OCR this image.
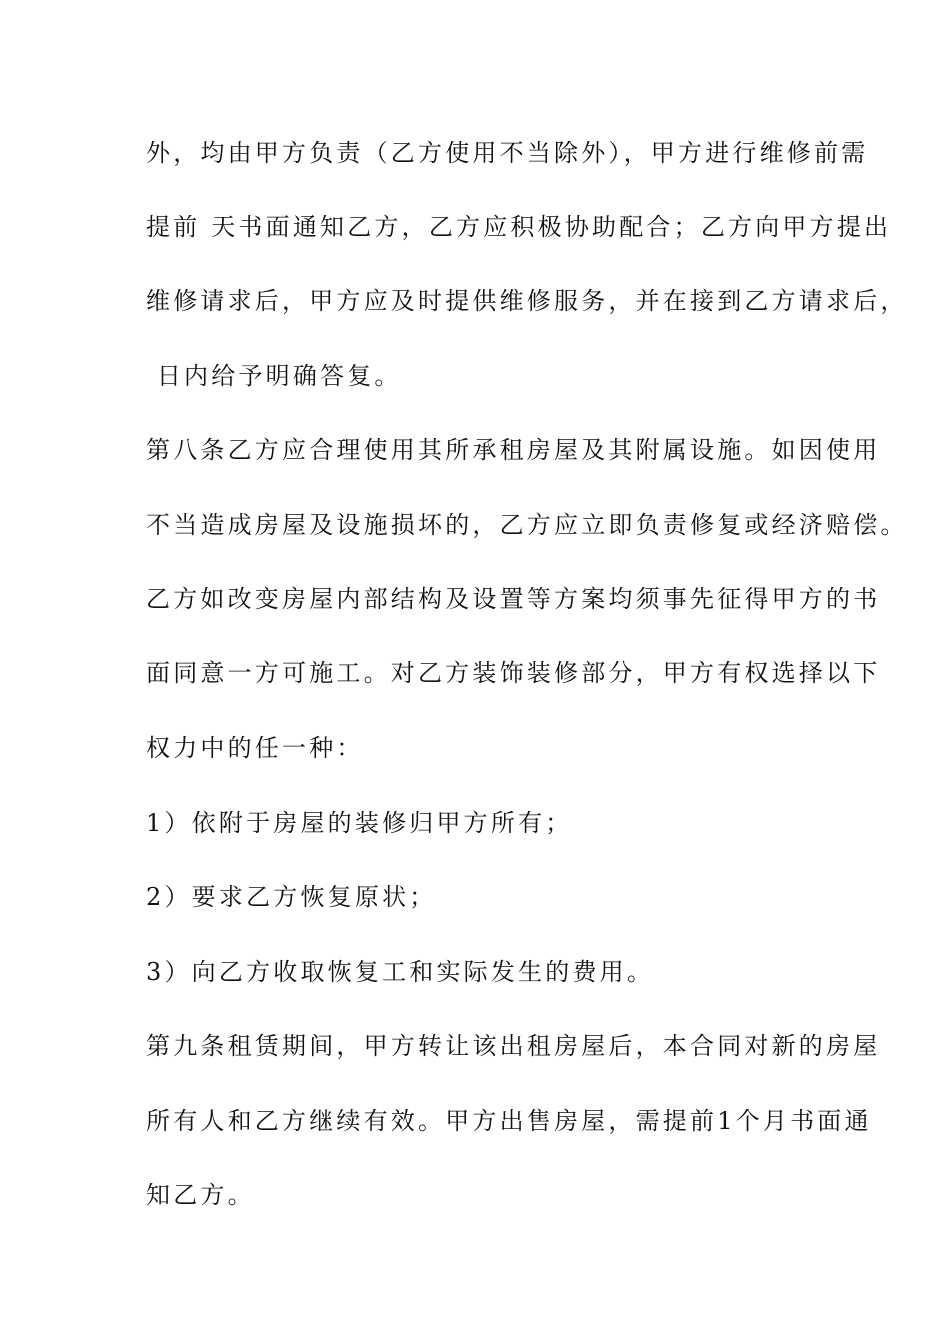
外，均由甲方负责（乙方使用不当除外），甲方进行维修前需
提前 天书面通知乙方，乙方应积极协助配合；乙方向甲方提出
维修请求后，甲方应及时提供维修服务，并在接到乙方请求后，
日内给予明确答复。
第八条乙方应合理使用其所承租房屋及其附属设施。如因使用
不当造成房屋及设施损坏的，乙方应立即负责修复或经济赔偿。
乙方如改变房屋内部结构及设置等方案均须事先征得甲方的书
面同意一方可施工。对乙方装饰装修部分，甲方有权选择以下
权力中的任一种：
1）依附于房屋的装修归甲方所有；
2）要求乙方恢复原状；
3）向乙方收取恢复工和实际发生的费用。
第九条租赁期间，甲方转让该出租房屋后，本合同对新的房屋
所有人和乙方继续有效。甲方出售房屋，需提前1个月书面通
知乙方。
